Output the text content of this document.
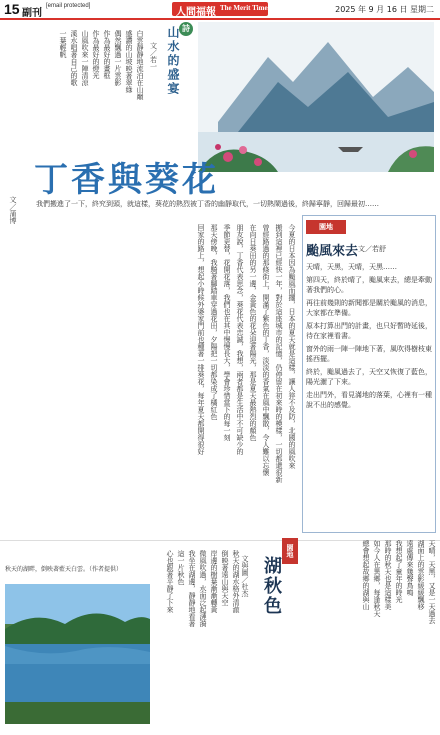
15 副刊
[email protected]
人間福報 The Merit Times	2025 年 9 月 16 日 星期二
詩
山水的盛宴
文／若一
白雲靜靜地流泊在山巔
盛讚的山坡映著翠綠
偶然飄過一片雲影
作為最好的畫框
作為最好的燈光
山風吹來一陣清涼
溪水唱著自己的歌
一葉輕帆
丁香與葵花
文／蒲博	我們搬進了一下，終究到頭，就這樣，葵花的熱烈被丁香的幽靜取代，一切熱鬧過後，終歸寧靜，回歸最初……
今夏的日本因為颱風而擱，日本的夏天就是這樣，讓人猝不及防，北國的風吹來
搬到這裡已經快一年，對於這座城市的記憶，仍停留在初來時的模樣，一切都還很新
曾經路過的那條街上，開滿了紫色的丁香，淡淡的香氣在風中飄散，令人難以忘懷
在向日葵田的另一邊，金黃色的花朵迎著陽光，那是夏天最熱烈的顏色
朋友說，丁香代表思念，葵花代表忠誠，我想，兩者都是生活中不可缺少的
季節更替，花開花落，我們也在其中慢慢長大，學會珍惜當下的每一刻
那天傍晚，我騎著腳踏車穿過花田，夕陽把一切都染成了橘紅色
回家的路上，想起小時候外婆家門前也種著一排葵花，每年夏天都開得很好	園地
颱風來去 文／若舒

天晴，天黑，天晴，天黑……

第四天，終於晴了，颱風來去，總是牽動著我們的心。

再往前幾則的新聞都是關於颱風的消息，大家都在準備。

原本打算出門的計畫，也只好暫時延後，待在家裡看書。

窗外的雨一陣一陣地下著，風吹得樹枝東搖西擺。

終於，颱風過去了，天空又恢復了藍色，陽光灑了下來。

走出門外，看見滿地的落葉，心裡有一種說不出的感覺。

秋天的湖畔，倒映著藍天白雲。（作者提供）
園地
湖秋色
文與圖／杜杰
秋天的湖水格外清澈
倒映著遠山與天空
岸邊的樹葉漸漸轉黃
微風吹過，水面泛起漣漪
我坐在湖邊，靜靜地看著
這一片秋色
心也跟著平靜了下來	天晴，天黑，又是一天過去
湖面上的雲影緩緩飄移
遠處傳來幾聲鳥鳴
我想起了童年的時光
那時的秋天也是這樣美
如今人在異鄉，每逢秋天
總會想起故鄉的湖與山
